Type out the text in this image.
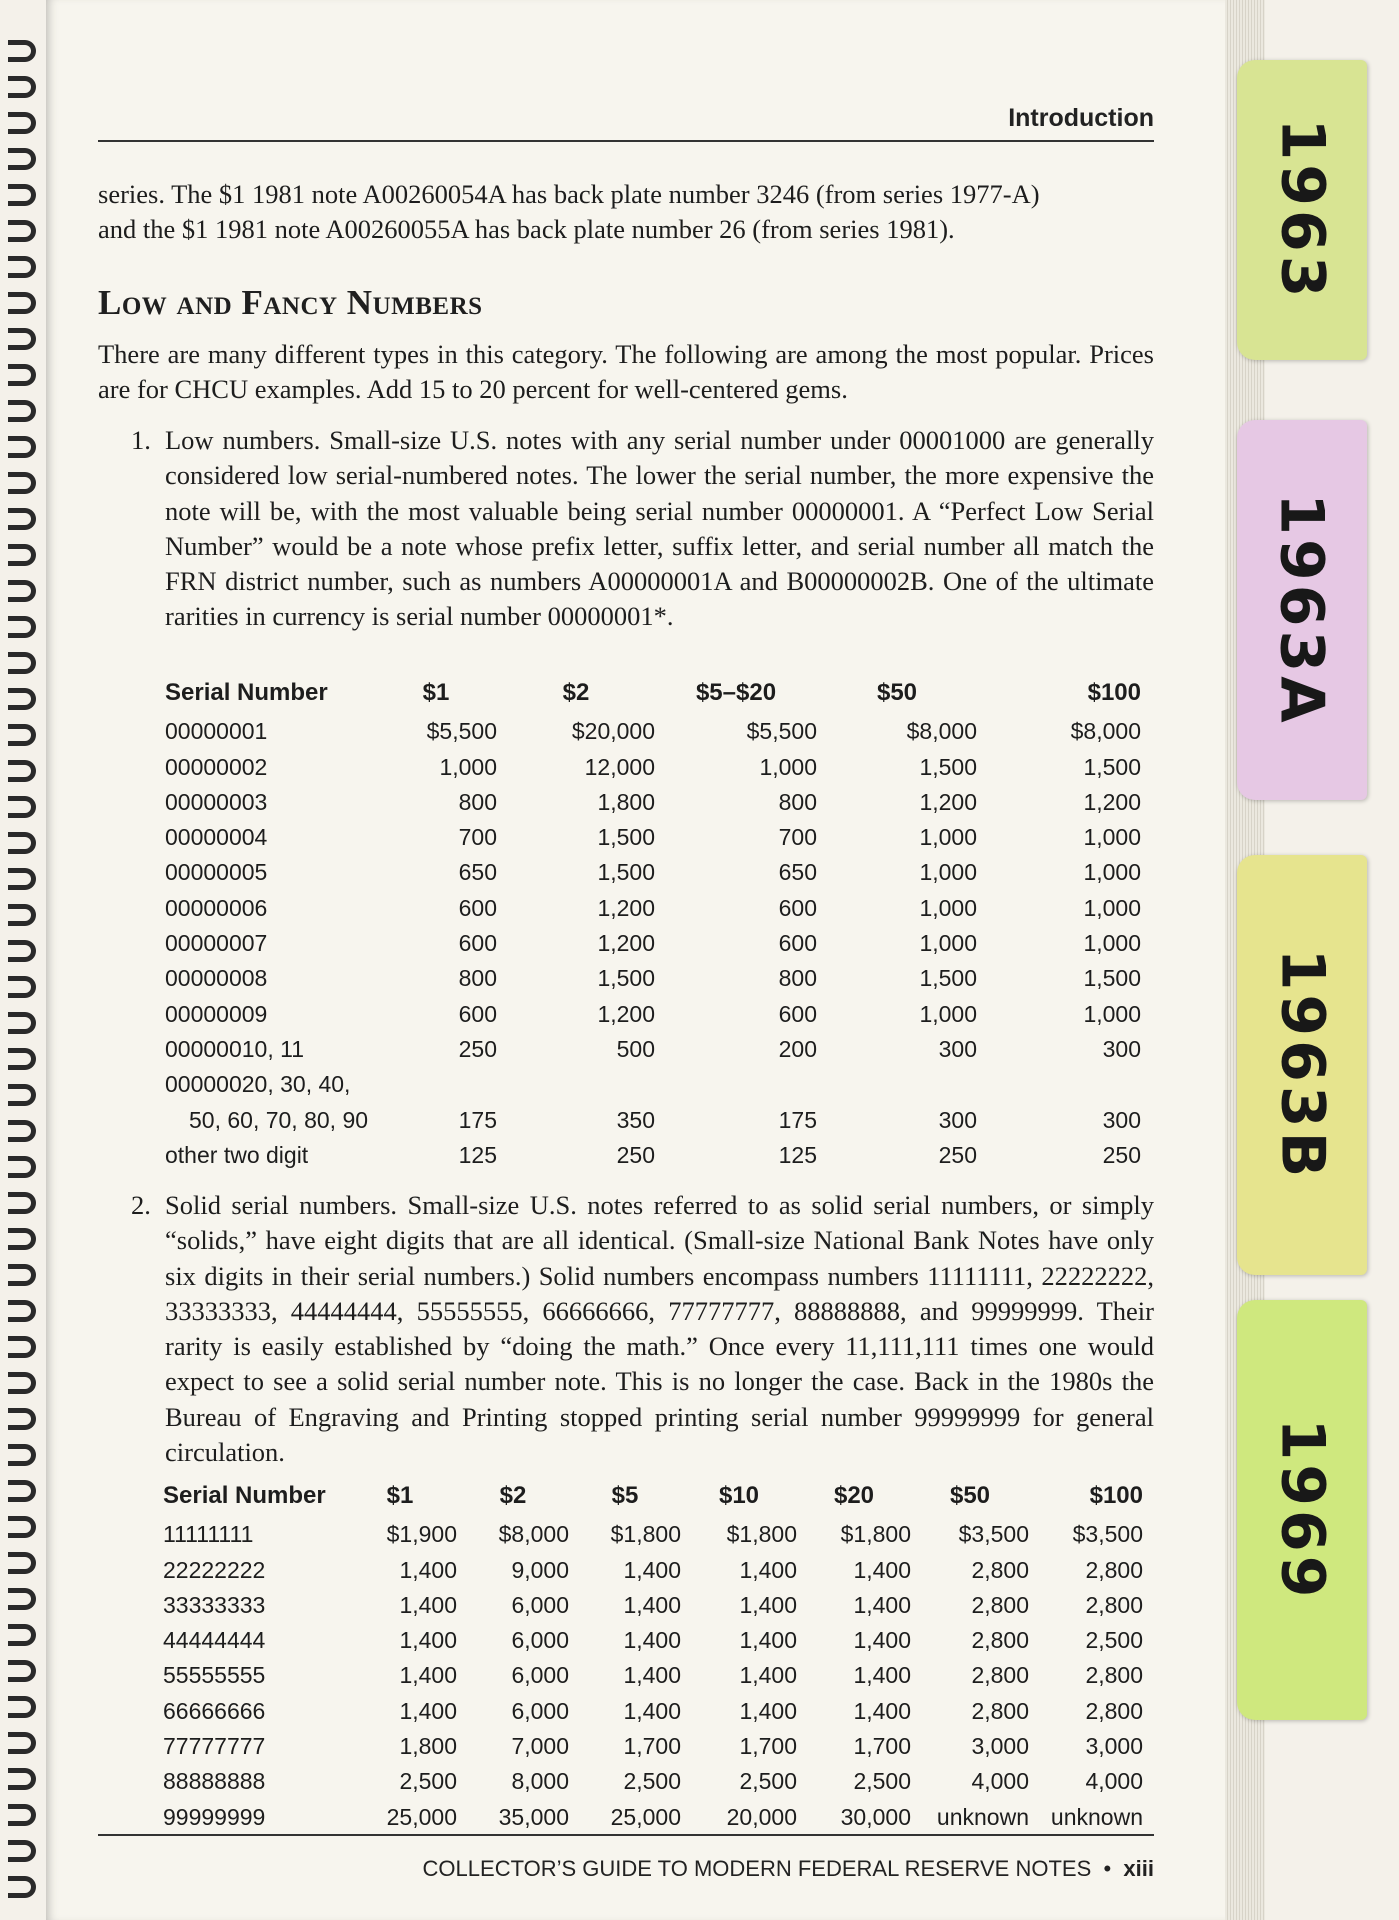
1963
1963A
1963B
1969
Introduction
series. The $1 1981 note A00260054A has back plate number 3246 (from series 1977-A)
and the $1 1981 note A00260055A has back plate number 26 (from series 1981).
Low and Fancy Numbers
There are many different types in this category. The following are among the most popular. Prices are for CHCU examples. Add 15 to 20 percent for well-centered gems.
1. Low numbers. Small-size U.S. notes with any serial number under 00001000 are generally considered low serial-numbered notes. The lower the serial number, the more expensive the note will be, with the most valuable being serial number 00000001. A “Perfect Low Serial Number” would be a note whose prefix letter, suffix letter, and serial number all match the FRN district number, such as numbers A00000001A and B00000002B. One of the ultimate rarities in currency is serial number 00000001*.
Serial Number	$1	$2	$5–$20	$50	$100
00000001	$5,500	$20,000	$5,500	$8,000	$8,000
00000002	1,000	12,000	1,000	1,500	1,500
00000003	800	1,800	800	1,200	1,200
00000004	700	1,500	700	1,000	1,000
00000005	650	1,500	650	1,000	1,000
00000006	600	1,200	600	1,000	1,000
00000007	600	1,200	600	1,000	1,000
00000008	800	1,500	800	1,500	1,500
00000009	600	1,200	600	1,000	1,000
00000010, 11	250	500	200	300	300
00000020, 30, 40,					
50, 60, 70, 80, 90	175	350	175	300	300
other two digit	125	250	125	250	250
2. Solid serial numbers. Small-size U.S. notes referred to as solid serial numbers, or simply “solids,” have eight digits that are all identical. (Small-size National Bank Notes have only six digits in their serial numbers.) Solid numbers encompass numbers 11111111, 22222222, 33333333, 44444444, 55555555, 66666666, 77777777, 88888888, and 99999999. Their rarity is easily established by “doing the math.” Once every 11,111,111 times one would expect to see a solid serial number note. This is no longer the case. Back in the 1980s the Bureau of Engraving and Printing stopped printing serial number 99999999 for general circulation.
Serial Number	$1	$2	$5	$10	$20	$50	$100
11111111	$1,900	$8,000	$1,800	$1,800	$1,800	$3,500	$3,500
22222222	1,400	9,000	1,400	1,400	1,400	2,800	2,800
33333333	1,400	6,000	1,400	1,400	1,400	2,800	2,800
44444444	1,400	6,000	1,400	1,400	1,400	2,800	2,500
55555555	1,400	6,000	1,400	1,400	1,400	2,800	2,800
66666666	1,400	6,000	1,400	1,400	1,400	2,800	2,800
77777777	1,800	7,000	1,700	1,700	1,700	3,000	3,000
88888888	2,500	8,000	2,500	2,500	2,500	4,000	4,000
99999999	25,000	35,000	25,000	20,000	30,000	unknown	unknown
COLLECTOR’S GUIDE TO MODERN FEDERAL RESERVE NOTES • xiii
